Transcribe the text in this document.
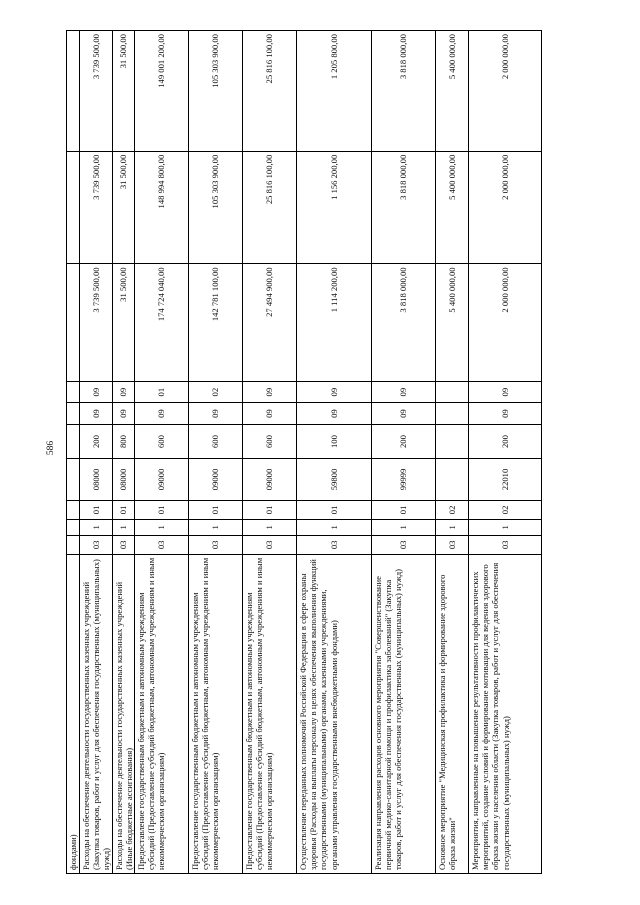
586
фондами) Расходы на обеспечение деятельности государственных казенных учреждений (Закупка товаров, работ и услуг для обеспечения государственных (муниципальных) нужд)
03
1
01
08000
200
09
09
3 739 500,00
3 739 500,00
3 739 500,00
Расходы на обеспечение деятельности государственных казенных учреждений (Иные бюджетные ассигнования)
03
1
01
08000
800
09
09
31 500,00
31 500,00
31 500,00
Предоставление государственным бюджетным и автономным учреждениям субсидий (Предоставление субсидий бюджетным, автономным учреждениям и иным некоммерческим организациям)
03
1
01
09000
600
09
01
174 724 040,00
148 994 800,00
149 001 200,00
Предоставление государственным бюджетным и автономным учреждениям субсидий (Предоставление субсидий бюджетным, автономным учреждениям и иным некоммерческим организациям)
03
1
01
09000
600
09
02
142 781 100,00
105 303 900,00
105 303 900,00
Предоставление государственным бюджетным и автономным учреждениям субсидий (Предоставление субсидий бюджетным, автономным учреждениям и иным некоммерческим организациям)
03
1
01
09000
600
09
09
27 494 900,00
25 816 100,00
25 816 100,00
Осуществление переданных полномочий Российской Федерации в сфере охраны здоровья (Расходы на выплаты персоналу в целях обеспечения выполнения функций государственными (муниципальными) органами, казенными учреждениями, органами управления государственными внебюджетными фондами)
03
1
01
59800
100
09
09
1 114 200,00
1 156 200,00
1 205 800,00
Реализация направления расходов основного мероприятия "Совершенствование первичной медико-санитарной помощи и профилактика заболеваний" (Закупка товаров, работ и услуг для обеспечения государственных (муниципальных) нужд)
03
1
01
99999
200
09
09
3 818 000,00
3 818 000,00
3 818 000,00
Основное мероприятие "Медицинская профилактика и формирование здорового образа жизни"
03
1
02
5 400 000,00
5 400 000,00
5 400 000,00
Мероприятия, направленные на повышение результативности профилактических мероприятий, создание условий и формирование мотивации для ведения здорового образа жизни у населения области (Закупка товаров, работ и услуг для обеспечения государственных (муниципальных) нужд)
03
1
02
22010
200
09
09
2 000 000,00
2 000 000,00
2 000 000,00
